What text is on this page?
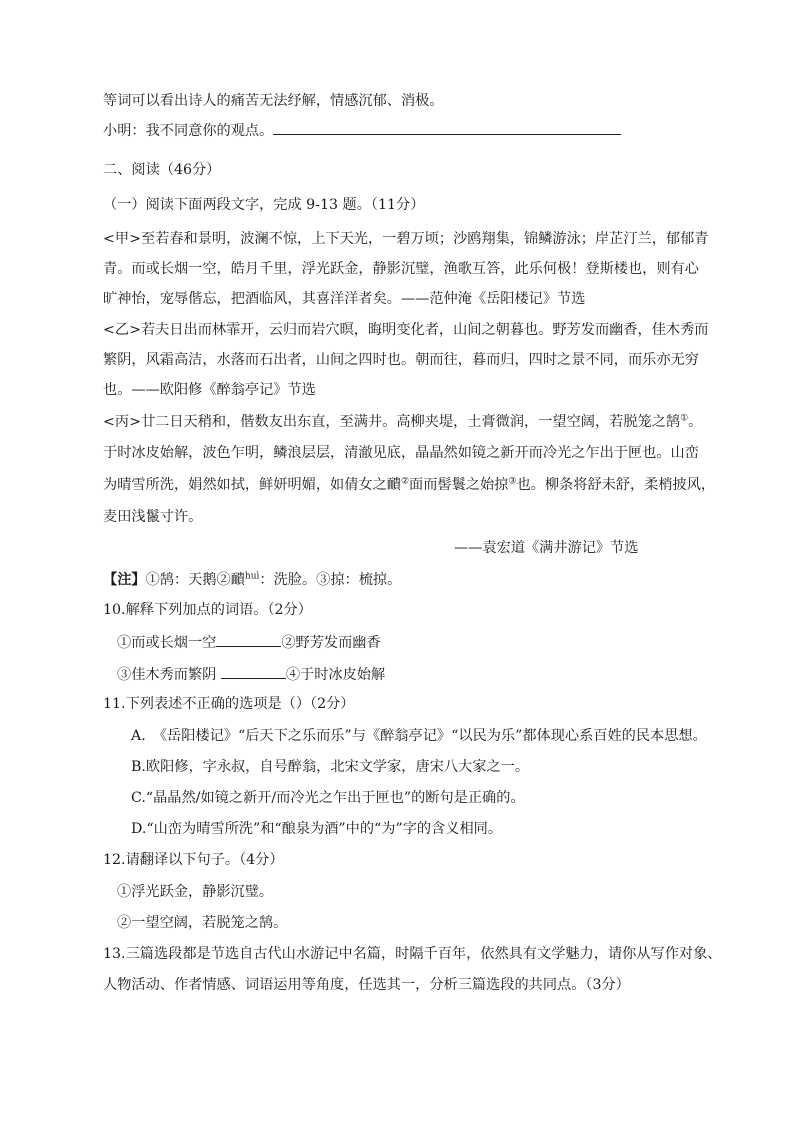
等词可以看出诗人的痛苦无法纾解，情感沉郁、消极。
小明：我不同意你的观点。
二、阅读（46分）
（一）阅读下面两段文字，完成 9-13 题。（11分）
<甲>至若春和景明，波澜不惊，上下天光，一碧万顷；沙鸥翔集，锦鳞游泳；岸芷汀兰，郁郁青
青。而或长烟一空，皓月千里，浮光跃金，静影沉璧，渔歌互答，此乐何极！登斯楼也，则有心
旷神怡，宠辱偕忘，把酒临风，其喜洋洋者矣。——范仲淹《岳阳楼记》节选
<乙>若夫日出而林霏开，云归而岩穴暝，晦明变化者，山间之朝暮也。野芳发而幽香，佳木秀而
繁阴，风霜高洁，水落而石出者，山间之四时也。朝而往，暮而归，四时之景不同，而乐亦无穷
也。——欧阳修《醉翁亭记》节选
<丙>廿二日天稍和，偕数友出东直，至满井。高柳夹堤，土膏微润，一望空阔，若脱笼之鹄①。
于时冰皮始解，波色乍明，鳞浪层层，清澈见底，晶晶然如镜之新开而冷光之乍出于匣也。山峦
为晴雪所洗，娟然如拭，鲜妍明媚，如倩女之靧②面而髻鬟之始掠③也。柳条将舒未舒，柔梢披风，
麦田浅鬣寸许。
——袁宏道《满井游记》节选
【注】①鹄：天鹅②靧$^{huì}$：洗脸。③掠：梳掠。
10.解释下列加点的词语。（2分）
①而或长烟一空	②野芳发而幽香
③佳木秀而繁阴	④于时冰皮始解
11.下列表述不正确的选项是（）（2分）
A.　《岳阳楼记》“后天下之乐而乐”与《醉翁亭记》“以民为乐”都体现心系百姓的民本思想。
B.欧阳修，字永叔，自号醉翁，北宋文学家，唐宋八大家之一。
C.“晶晶然/如镜之新开/而冷光之乍出于匣也”的断句是正确的。
D.“山峦为晴雪所洗”和“酿泉为酒”中的“为”字的含义相同。
12.请翻译以下句子。（4分）
①浮光跃金，静影沉璧。
②一望空阔，若脱笼之鹄。
13.三篇选段都是节选自古代山水游记中名篇，时隔千百年，依然具有文学魅力，请你从写作对象、
人物活动、作者情感、词语运用等角度，任选其一，分析三篇选段的共同点。（3分）
